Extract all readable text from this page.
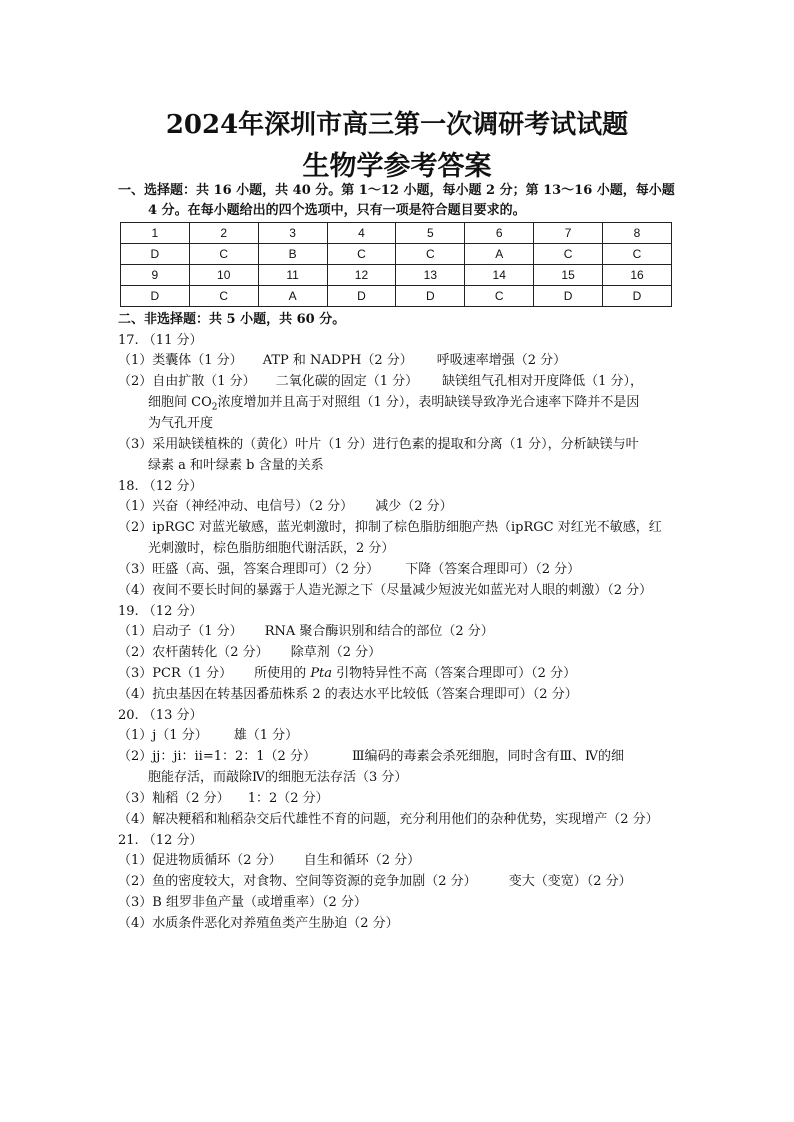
2024年深圳市高三第一次调研考试试题
生物学参考答案
一、选择题：共 16 小题，共 40 分。第 1～12 小题，每小题 2 分；第 13～16 小题，每小题
4 分。在每小题给出的四个选项中，只有一项是符合题目要求的。
1	2	3	4	5	6	7	8
D	C	B	C	C	A	C	C
9	10	11	12	13	14	15	16
D	C	A	D	D	C	D	D
二、非选择题：共 5 小题，共 60 分。
17. （11 分）
（1）类囊体（1 分） ATP 和 NADPH（2 分） 呼吸速率增强（2 分）
（2）自由扩散（1 分） 二氧化碳的固定（1 分） 缺镁组气孔相对开度降低（1 分），
细胞间 $CO_2$浓度增加并且高于对照组（1 分），表明缺镁导致净光合速率下降并不是因
为气孔开度
（3）采用缺镁植株的（黄化）叶片（1 分）进行色素的提取和分离（1 分），分析缺镁与叶
绿素 a 和叶绿素 b 含量的关系
18. （12 分）
（1）兴奋（神经冲动、电信号）（2 分） 减少（2 分）
（2）ipRGC 对蓝光敏感，蓝光刺激时，抑制了棕色脂肪细胞产热（ipRGC 对红光不敏感，红
光刺激时，棕色脂肪细胞代谢活跃，2 分）
（3）旺盛（高、强，答案合理即可）（2 分） 下降（答案合理即可）（2 分）
（4）夜间不要长时间的暴露于人造光源之下（尽量减少短波光如蓝光对人眼的刺激）（2 分）
19. （12 分）
（1）启动子（1 分） RNA 聚合酶识别和结合的部位（2 分）
（2）农杆菌转化（2 分） 除草剂（2 分）
（3）PCR（1 分） 所使用的 Pta 引物特异性不高（答案合理即可）（2 分）
（4）抗虫基因在转基因番茄株系 2 的表达水平比较低（答案合理即可）（2 分）
20. （13 分）
（1）j（1 分） 雄（1 分）
（2）jj：ji：ii=1：2：1（2 分）	Ⅲ编码的毒素会杀死细胞，同时含有Ⅲ、Ⅳ的细
胞能存活，而敲除Ⅳ的细胞无法存活（3 分）
（3）籼稻（2 分） 1：2（2 分）
（4）解决粳稻和籼稻杂交后代雄性不育的问题，充分利用他们的杂种优势，实现增产（2 分）
21. （12 分）
（1）促进物质循环（2 分） 自生和循环（2 分）
（2）鱼的密度较大，对食物、空间等资源的竞争加剧（2 分） 变大（变宽）（2 分）
（3）B 组罗非鱼产量（或增重率）（2 分）
（4）水质条件恶化对养殖鱼类产生胁迫（2 分）
